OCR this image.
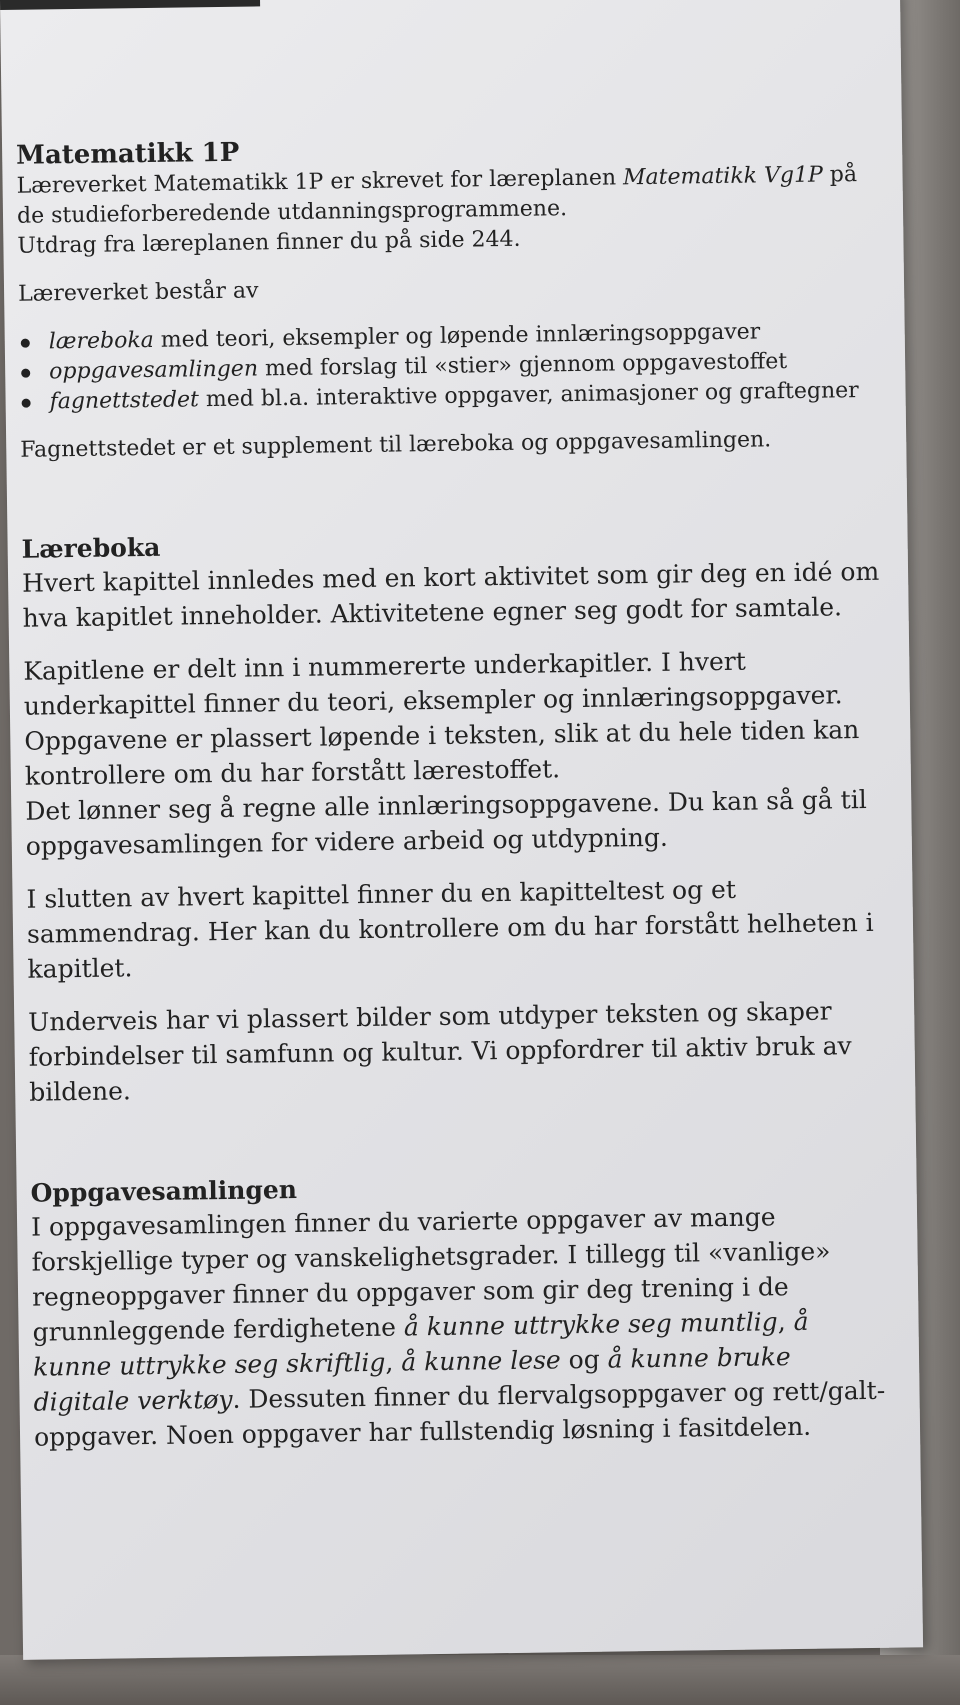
Matematikk 1P

Læreverket Matematikk 1P er skrevet for læreplanen Matematikk Vg1P på de studieforberedende utdanningsprogrammene.

Utdrag fra læreplanen finner du på side 244.

Læreverket består av

læreboka med teori, eksempler og løpende innlæringsoppgaver
oppgavesamlingen med forslag til «stier» gjennom oppgavestoffet
fagnettstedet med bl.a. interaktive oppgaver, animasjoner og graftegner

Fagnettstedet er et supplement til læreboka og oppgavesamlingen.

Læreboka

Hvert kapittel innledes med en kort aktivitet som gir deg en idé om hva kapitlet inneholder. Aktivitetene egner seg godt for samtale.

Kapitlene er delt inn i nummererte underkapitler. I hvert underkapittel finner du teori, eksempler og innlæringsoppgaver. Oppgavene er plassert løpende i teksten, slik at du hele tiden kan kontrollere om du har forstått lærestoffet.

Det lønner seg å regne alle innlæringsoppgavene. Du kan så gå til oppgavesamlingen for videre arbeid og utdypning.

I slutten av hvert kapittel finner du en kapitteltest og et sammendrag. Her kan du kontrollere om du har forstått helheten i kapitlet.

Underveis har vi plassert bilder som utdyper teksten og skaper forbindelser til samfunn og kultur. Vi oppfordrer til aktiv bruk av bildene.

Oppgavesamlingen

I oppgavesamlingen finner du varierte oppgaver av mange forskjellige typer og vanskelighetsgrader. I tillegg til «vanlige» regneoppgaver finner du oppgaver som gir deg trening i de grunnleggende ferdighetene å kunne uttrykke seg muntlig, å kunne uttrykke seg skriftlig, å kunne lese og å kunne bruke digitale verktøy. Dessuten finner du flervalgsoppgaver og rett/galt-oppgaver. Noen oppgaver har fullstendig løsning i fasitdelen.
